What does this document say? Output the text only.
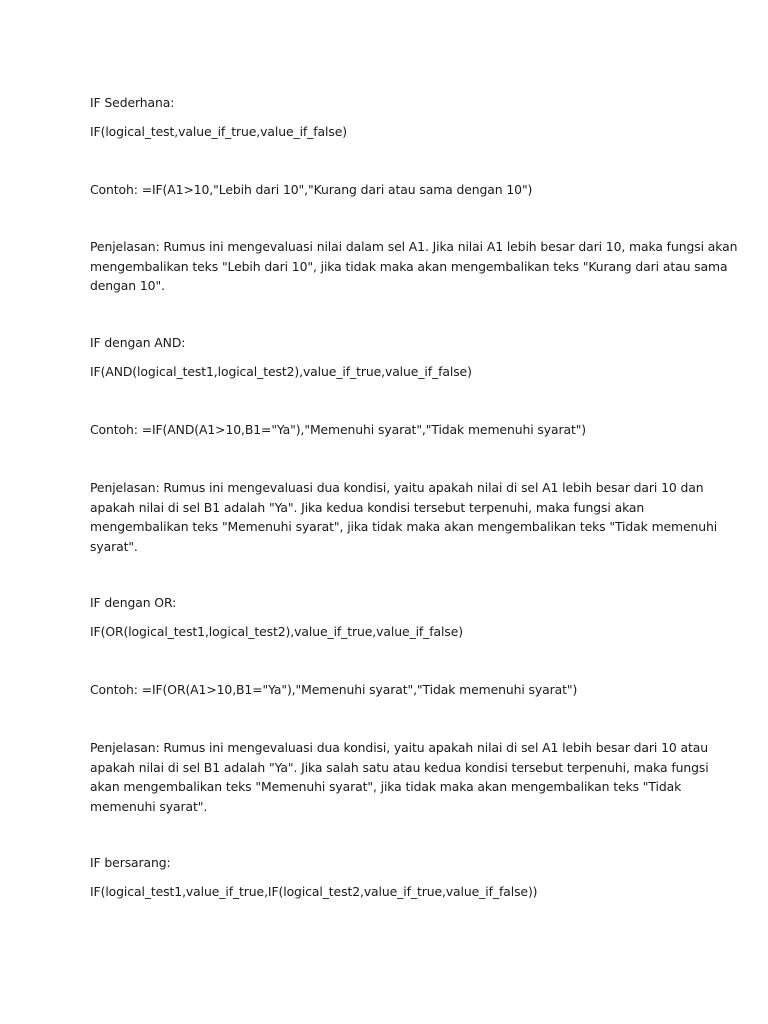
IF Sederhana:
IF(logical_test,value_if_true,value_if_false)
Contoh: =IF(A1>10,"Lebih dari 10","Kurang dari atau sama dengan 10")
Penjelasan: Rumus ini mengevaluasi nilai dalam sel A1. Jika nilai A1 lebih besar dari 10, maka fungsi akan
mengembalikan teks "Lebih dari 10", jika tidak maka akan mengembalikan teks "Kurang dari atau sama
dengan 10".
IF dengan AND:
IF(AND(logical_test1,logical_test2),value_if_true,value_if_false)
Contoh: =IF(AND(A1>10,B1="Ya"),"Memenuhi syarat","Tidak memenuhi syarat")
Penjelasan: Rumus ini mengevaluasi dua kondisi, yaitu apakah nilai di sel A1 lebih besar dari 10 dan
apakah nilai di sel B1 adalah "Ya". Jika kedua kondisi tersebut terpenuhi, maka fungsi akan
mengembalikan teks "Memenuhi syarat", jika tidak maka akan mengembalikan teks "Tidak memenuhi
syarat".
IF dengan OR:
IF(OR(logical_test1,logical_test2),value_if_true,value_if_false)
Contoh: =IF(OR(A1>10,B1="Ya"),"Memenuhi syarat","Tidak memenuhi syarat")
Penjelasan: Rumus ini mengevaluasi dua kondisi, yaitu apakah nilai di sel A1 lebih besar dari 10 atau
apakah nilai di sel B1 adalah "Ya". Jika salah satu atau kedua kondisi tersebut terpenuhi, maka fungsi
akan mengembalikan teks "Memenuhi syarat", jika tidak maka akan mengembalikan teks "Tidak
memenuhi syarat".
IF bersarang:
IF(logical_test1,value_if_true,IF(logical_test2,value_if_true,value_if_false))
